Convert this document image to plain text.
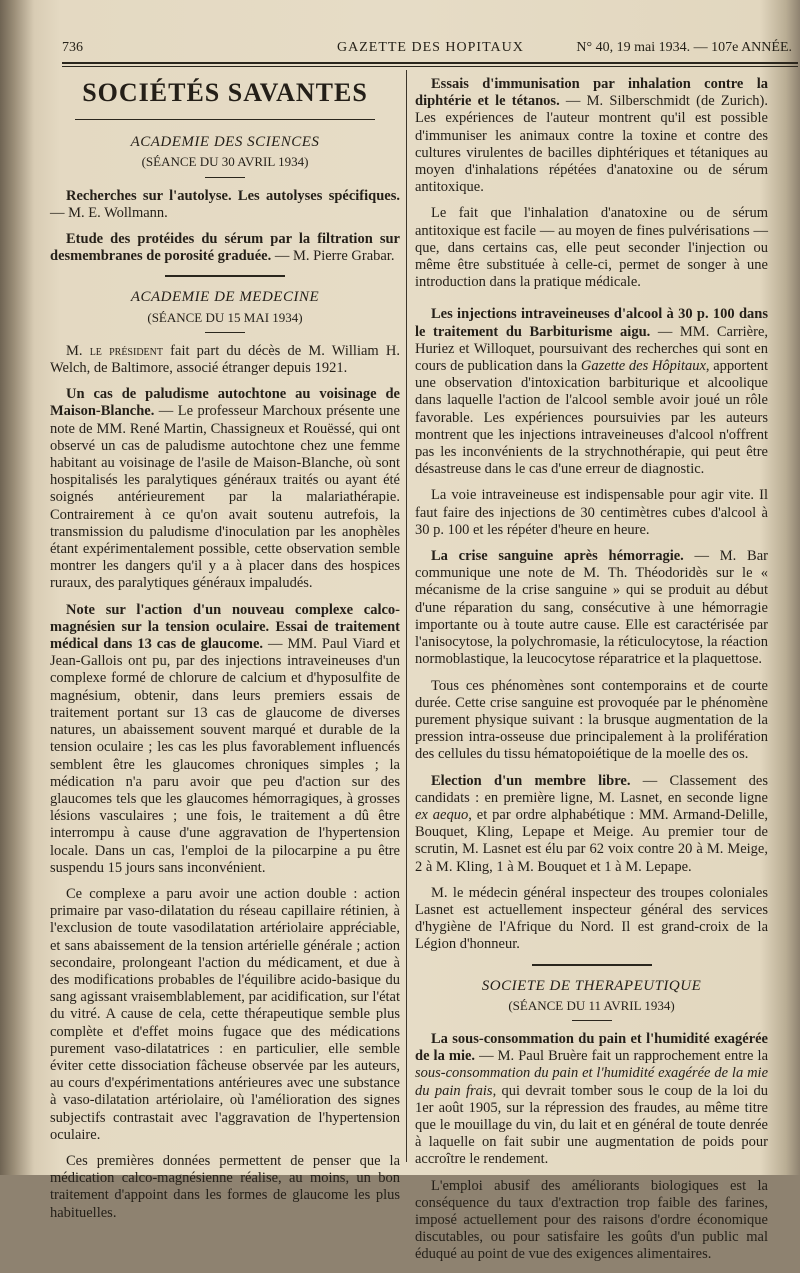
736	GAZETTE DES HOPITAUX	N° 40, 19 mai 1934. — 107e ANNÉE.
SOCIÉTÉS SAVANTES
ACADEMIE DES SCIENCES
(SÉANCE DU 30 AVRIL 1934)

Recherches sur l'autolyse. Les autolyses spécifiques. — M. E. Wollmann.

Etude des protéides du sérum par la filtration sur desmembranes de porosité graduée. — M. Pierre Grabar.

ACADEMIE DE MEDECINE
(SÉANCE DU 15 MAI 1934)

M. le président fait part du décès de M. William H. Welch, de Baltimore, associé étranger depuis 1921.

Un cas de paludisme autochtone au voisinage de Maison-Blanche. — Le professeur Marchoux présente une note de MM. René Martin, Chassigneux et Rouëssé, qui ont observé un cas de paludisme autochtone chez une femme habitant au voisinage de l'asile de Maison-Blanche, où sont hospitalisés les paralytiques généraux traités ou ayant été soignés antérieurement par la malariathérapie. Contrairement à ce qu'on avait soutenu autrefois, la transmission du paludisme d'inoculation par les anophèles étant expérimentalement possible, cette observation semble montrer les dangers qu'il y a à placer dans des hospices ruraux, des paralytiques généraux impaludés.

Note sur l'action d'un nouveau complexe calco-magnésien sur la tension oculaire. Essai de traitement médical dans 13 cas de glaucome. — MM. Paul Viard et Jean-Gallois ont pu, par des injections intraveineuses d'un complexe formé de chlorure de calcium et d'hyposulfite de magnésium, obtenir, dans leurs premiers essais de traitement portant sur 13 cas de glaucome de diverses natures, un abaissement souvent marqué et durable de la tension oculaire ; les cas les plus favorablement influencés semblent être les glaucomes chroniques simples ; la médication n'a paru avoir que peu d'action sur des glaucomes tels que les glaucomes hémorragiques, à grosses lésions vasculaires ; une fois, le traitement a dû être interrompu à cause d'une aggravation de l'hypertension locale. Dans un cas, l'emploi de la pilocarpine a pu être suspendu 15 jours sans inconvénient.

Ce complexe a paru avoir une action double : action primaire par vaso-dilatation du réseau capillaire rétinien, à l'exclusion de toute vasodilatation artériolaire appréciable, et sans abaissement de la tension artérielle générale ; action secondaire, prolongeant l'action du médicament, et due à des modifications probables de l'équilibre acido-basique du sang agissant vraisemblablement, par acidification, sur l'état du vitré. A cause de cela, cette thérapeutique semble plus complète et d'effet moins fugace que des médications purement vaso-dilatatrices : en particulier, elle semble éviter cette dissociation fâcheuse observée par les auteurs, au cours d'expérimentations antérieures avec une substance à vaso-dilatation artériolaire, où l'amélioration des signes subjectifs contrastait avec l'aggravation de l'hypertension oculaire.

Ces premières données permettent de penser que la médication calco-magnésienne réalise, au moins, un bon traitement d'appoint dans les formes de glaucome les plus habituelles.

Essais d'immunisation par inhalation contre la diphtérie et le tétanos. — M. Silberschmidt (de Zurich). Les expériences de l'auteur montrent qu'il est possible d'immuniser les animaux contre la toxine et contre des cultures virulentes de bacilles diphtériques et tétaniques au moyen d'inhalations répétées d'anatoxine ou de sérum antitoxique.

Le fait que l'inhalation d'anatoxine ou de sérum antitoxique est facile — au moyen de fines pulvérisations — que, dans certains cas, elle peut seconder l'injection ou même être substituée à celle-ci, permet de songer à une introduction dans la pratique médicale.

Les injections intraveineuses d'alcool à 30 p. 100 dans le traitement du Barbiturisme aigu. — MM. Carrière, Huriez et Willoquet, poursuivant des recherches qui sont en cours de publication dans la Gazette des Hôpitaux, apportent une observation d'intoxication barbiturique et alcoolique dans laquelle l'action de l'alcool semble avoir joué un rôle favorable. Les expériences poursuivies par les auteurs montrent que les injections intraveineuses d'alcool n'offrent pas les inconvénients de la strychnothérapie, qui peut être désastreuse dans le cas d'une erreur de diagnostic.

La voie intraveineuse est indispensable pour agir vite. Il faut faire des injections de 30 centimètres cubes d'alcool à 30 p. 100 et les répéter d'heure en heure.

La crise sanguine après hémorragie. — M. Bar communique une note de M. Th. Théodoridès sur le « mécanisme de la crise sanguine » qui se produit au début d'une réparation du sang, consécutive à une hémorragie importante ou à toute autre cause. Elle est caractérisée par l'anisocytose, la polychromasie, la réticulocytose, la réaction normoblastique, la leucocytose réparatrice et la plaquettose.

Tous ces phénomènes sont contemporains et de courte durée. Cette crise sanguine est provoquée par le phénomène purement physique suivant : la brusque augmentation de la pression intra-osseuse due principalement à la prolifération des cellules du tissu hématopoiétique de la moelle des os.

Election d'un membre libre. — Classement des candidats : en première ligne, M. Lasnet, en seconde ligne ex aequo, et par ordre alphabétique : MM. Armand-Delille, Bouquet, Kling, Lepape et Meige. Au premier tour de scrutin, M. Lasnet est élu par 62 voix contre 20 à M. Meige, 2 à M. Kling, 1 à M. Bouquet et 1 à M. Lepape.

M. le médecin général inspecteur des troupes coloniales Lasnet est actuellement inspecteur général des services d'hygiène de l'Afrique du Nord. Il est grand-croix de la Légion d'honneur.

SOCIETE DE THERAPEUTIQUE
(SÉANCE DU 11 AVRIL 1934)

La sous-consommation du pain et l'humidité exagérée de la mie. — M. Paul Bruère fait un rapprochement entre la sous-consommation du pain et l'humidité exagérée de la mie du pain frais, qui devrait tomber sous le coup de la loi du 1er août 1905, sur la répression des fraudes, au même titre que le mouillage du vin, du lait et en général de toute denrée à laquelle on fait subir une augmentation de poids pour accroître le rendement.

L'emploi abusif des améliorants biologiques est la conséquence du taux d'extraction trop faible des farines, imposé actuellement pour des raisons d'ordre économique discutables, ou pour satisfaire les goûts d'un public mal éduqué au point de vue des exigences alimentaires.
